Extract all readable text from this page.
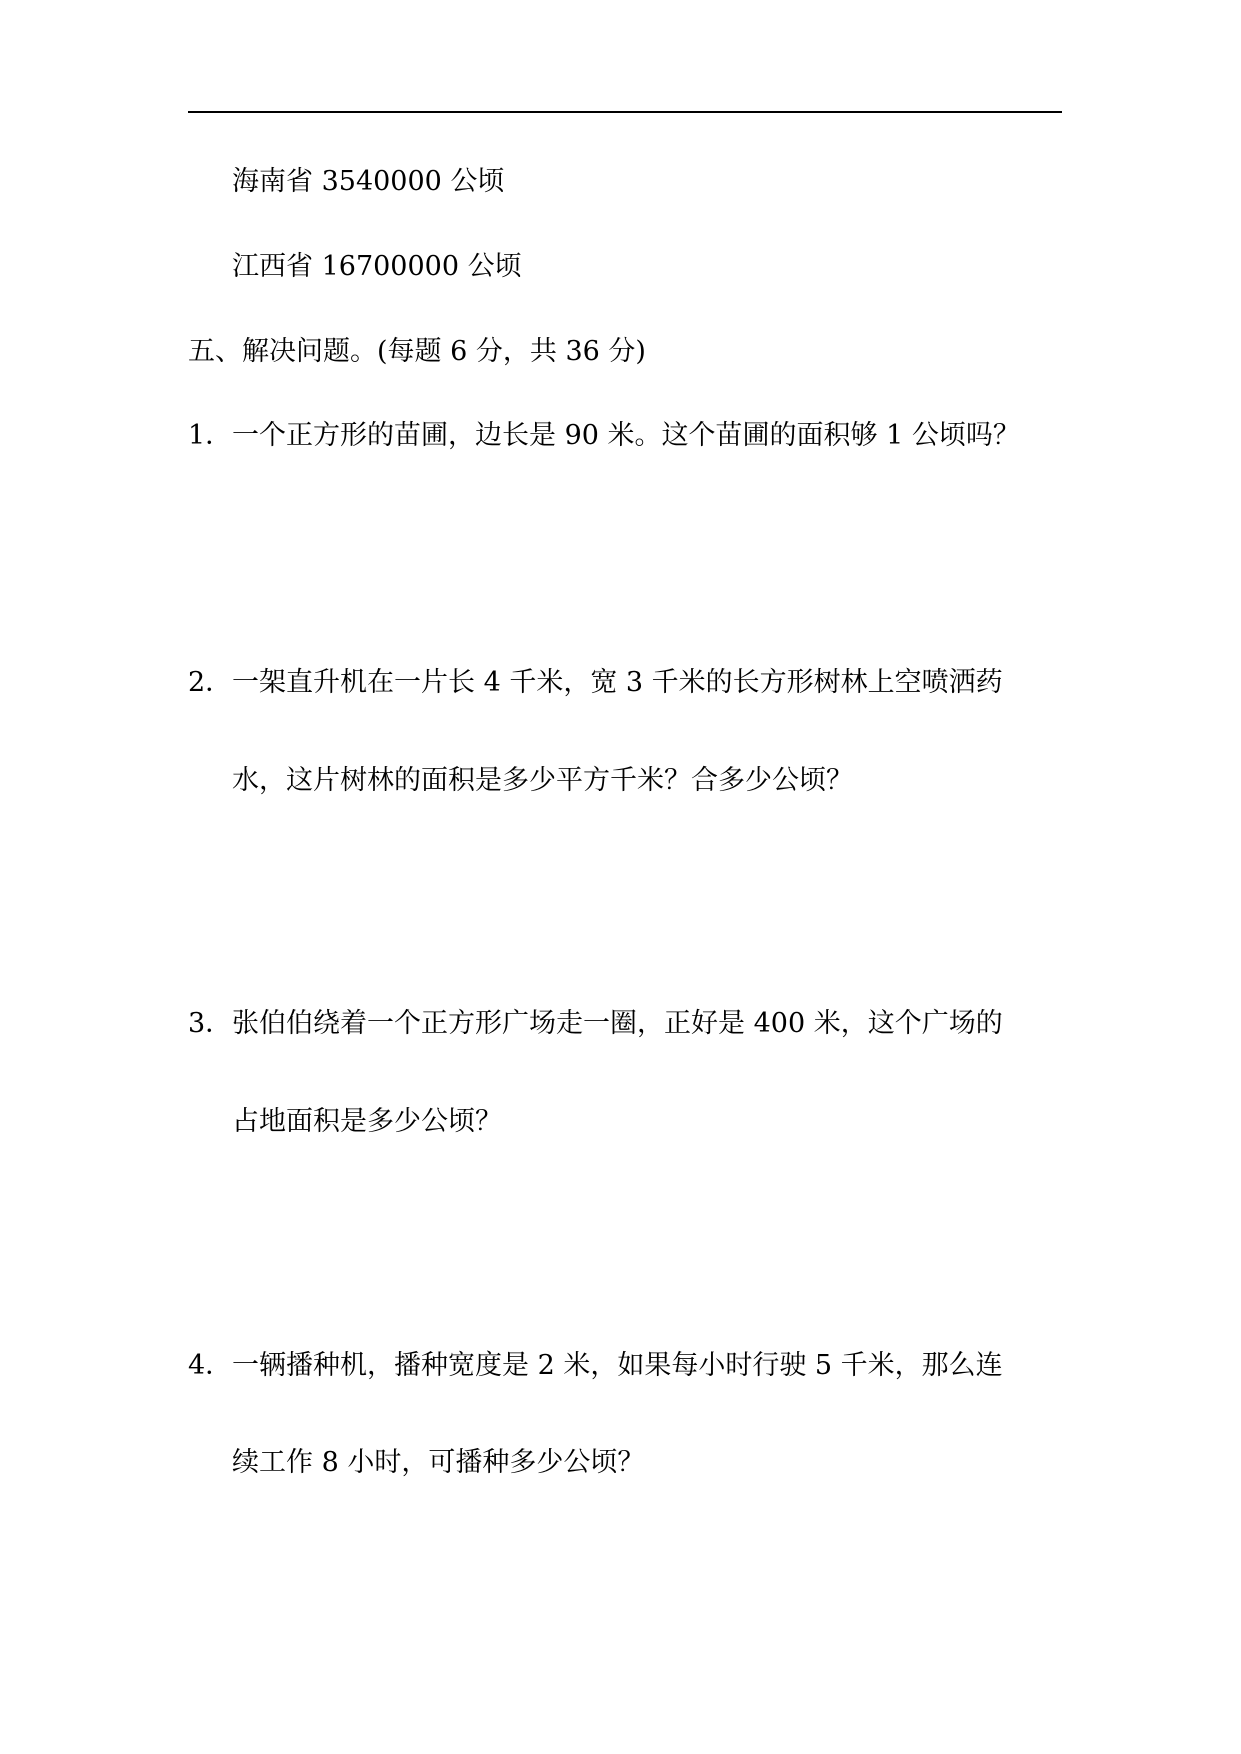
海南省 3540000 公顷

江西省 16700000 公顷

五、解决问题。(每题 6 分，共 36 分)

1．一个正方形的苗圃，边长是 90 米。这个苗圃的面积够 1 公顷吗？

2．一架直升机在一片长 4 千米，宽 3 千米的长方形树林上空喷洒药

水，这片树林的面积是多少平方千米？合多少公顷？

3．张伯伯绕着一个正方形广场走一圈，正好是 400 米，这个广场的

占地面积是多少公顷？

4．一辆播种机，播种宽度是 2 米，如果每小时行驶 5 千米，那么连

续工作 8 小时，可播种多少公顷？
